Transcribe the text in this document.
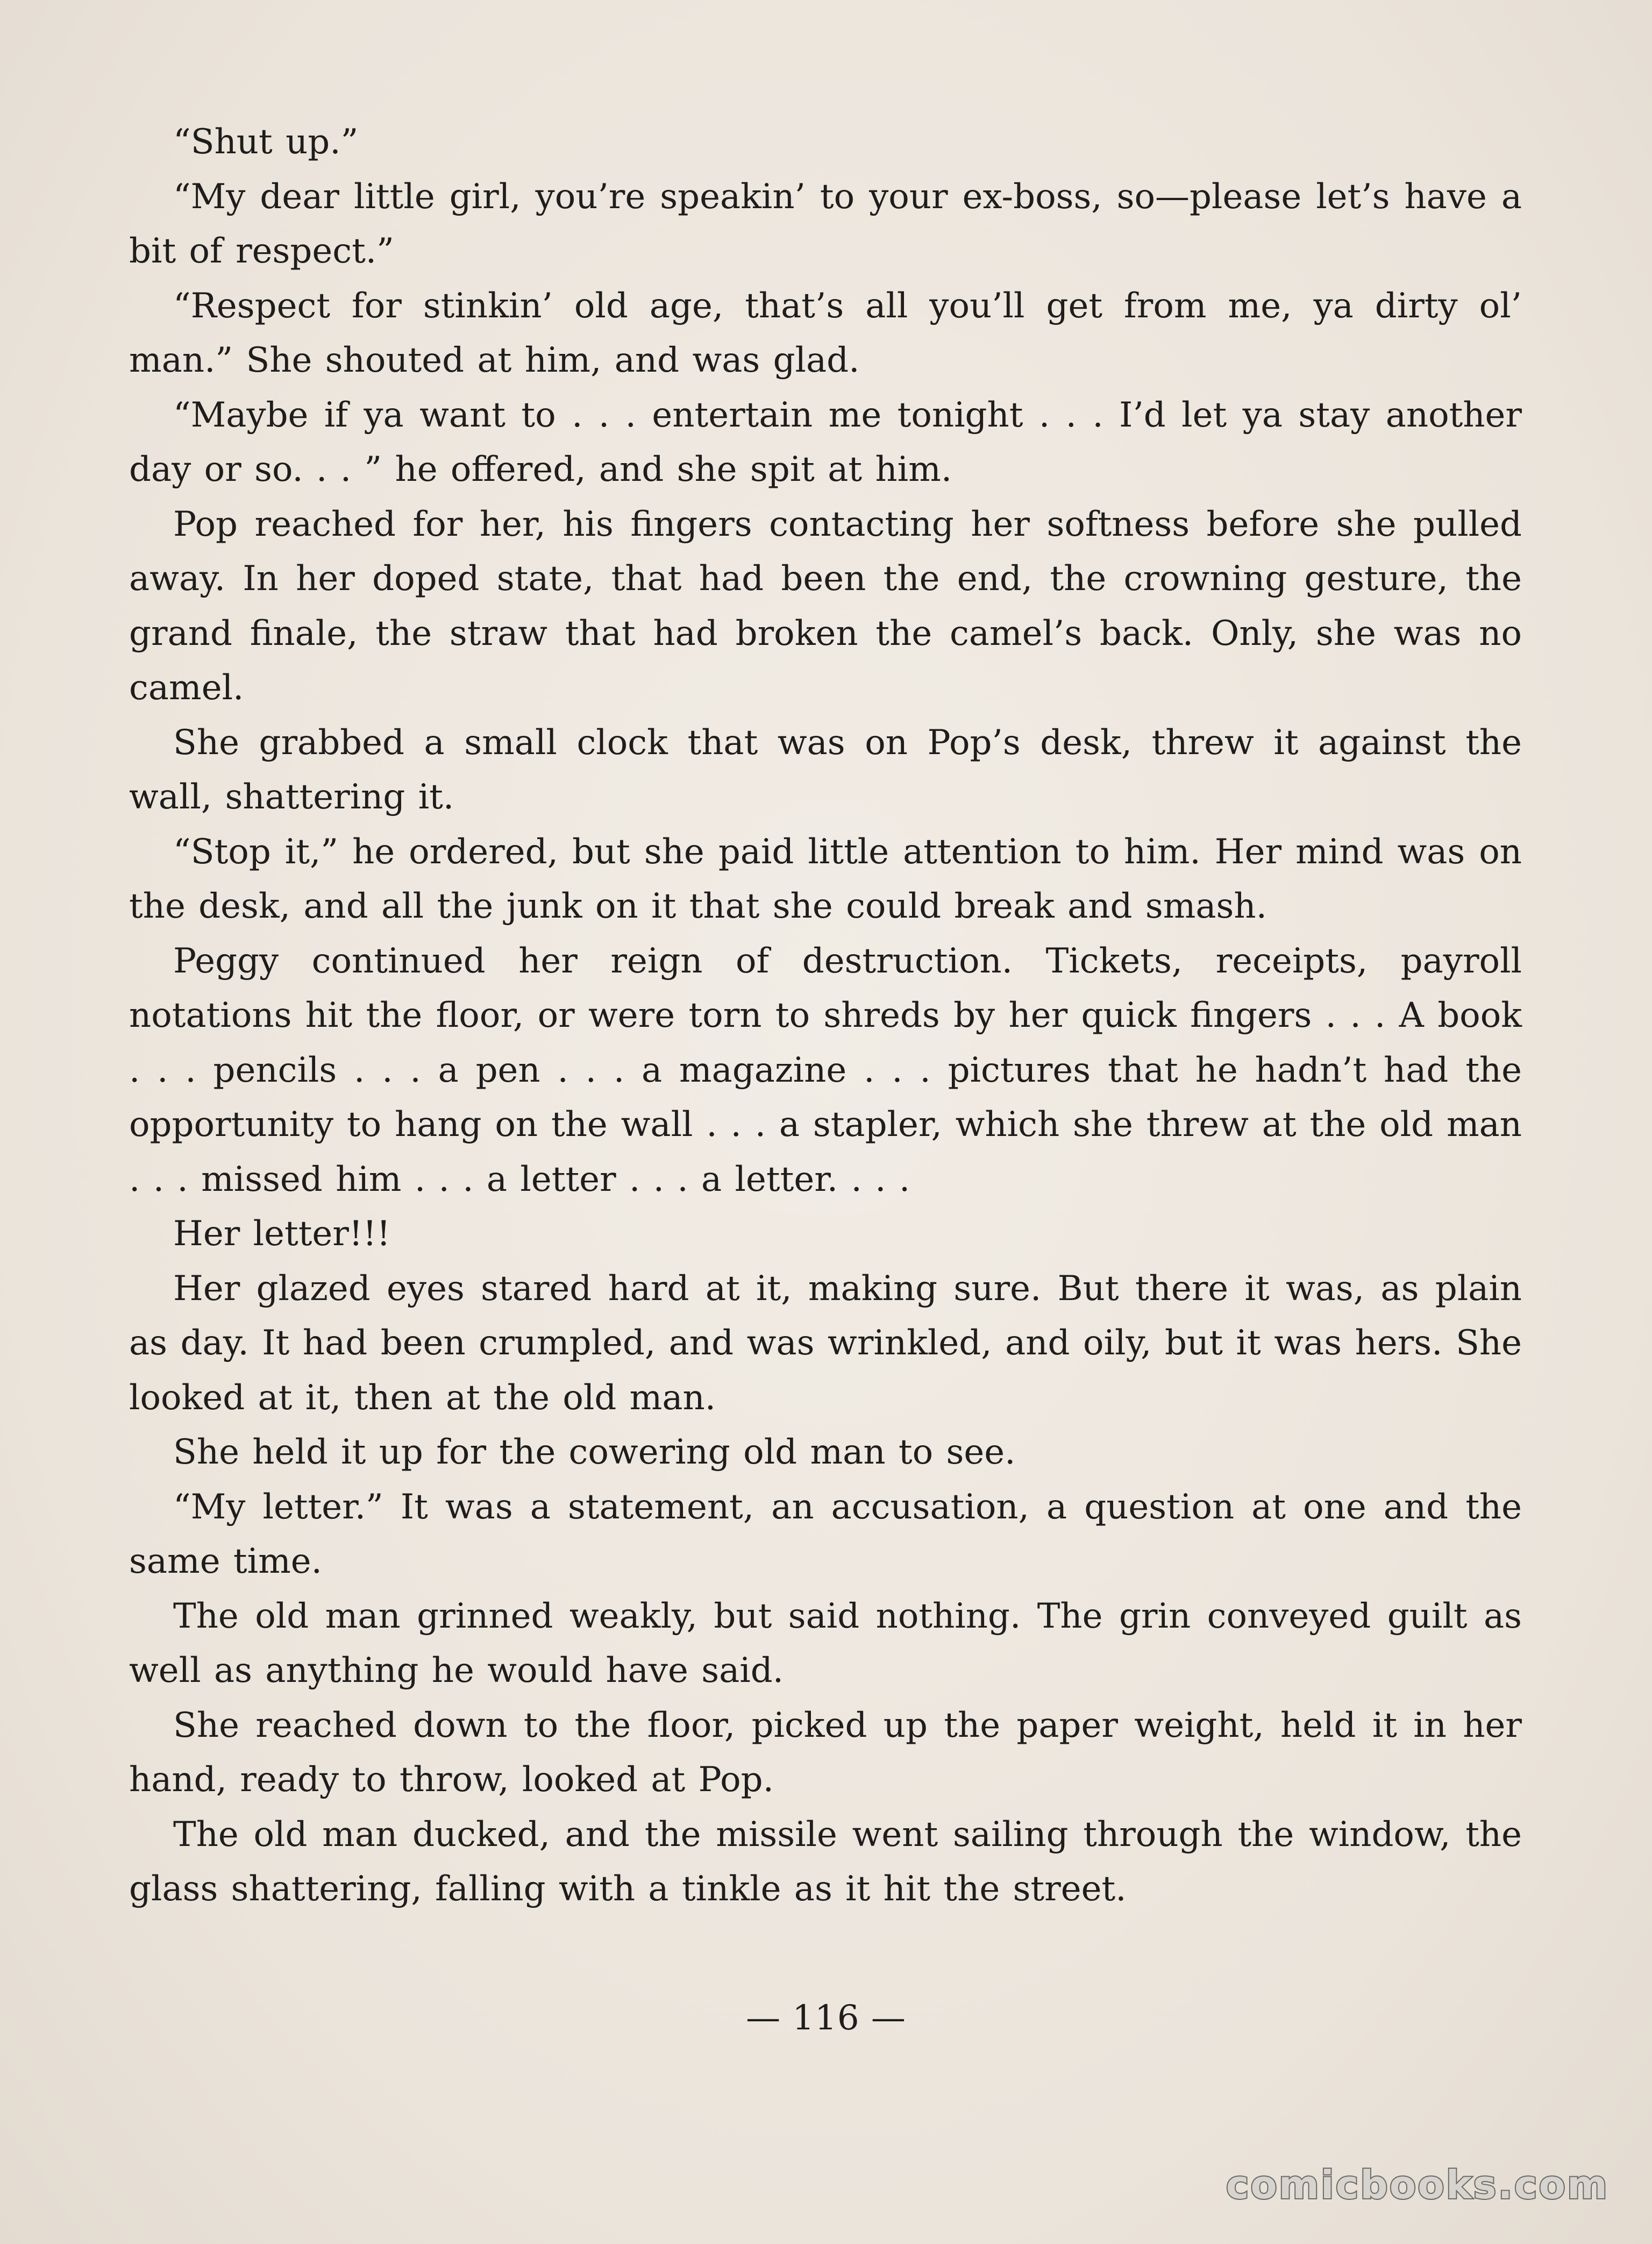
“Shut up.”

“My dear little girl, you’re speakin’ to your ex-boss, so—please let’s have a bit of respect.”

“Respect for stinkin’ old age, that’s all you’ll get from me, ya dirty ol’ man.” She shouted at him, and was glad.

“Maybe if ya want to . . . entertain me tonight . . . I’d let ya stay another day or so. . . ” he offered, and she spit at him.

Pop reached for her, his fingers contacting her softness before she pulled away. In her doped state, that had been the end, the crowning gesture, the grand finale, the straw that had broken the camel’s back. Only, she was no camel.

She grabbed a small clock that was on Pop’s desk, threw it against the wall, shattering it.

“Stop it,” he ordered, but she paid little attention to him. Her mind was on the desk, and all the junk on it that she could break and smash.

Peggy continued her reign of destruction. Tickets, receipts, payroll notations hit the floor, or were torn to shreds by her quick fingers . . . A book . . . pencils . . . a pen . . . a magazine . . . pictures that he hadn’t had the opportunity to hang on the wall . . . a stapler, which she threw at the old man . . . missed him . . . a letter . . . a letter. . . .

Her letter!!!

Her glazed eyes stared hard at it, making sure. But there it was, as plain as day. It had been crumpled, and was wrinkled, and oily, but it was hers. She looked at it, then at the old man.

She held it up for the cowering old man to see.

“My letter.” It was a statement, an accusation, a question at one and the same time.

The old man grinned weakly, but said nothing. The grin conveyed guilt as well as anything he would have said.

She reached down to the floor, picked up the paper weight, held it in her hand, ready to throw, looked at Pop.

The old man ducked, and the missile went sailing through the window, the glass shattering, falling with a tinkle as it hit the street.

— 116 —
comicbooks.com
